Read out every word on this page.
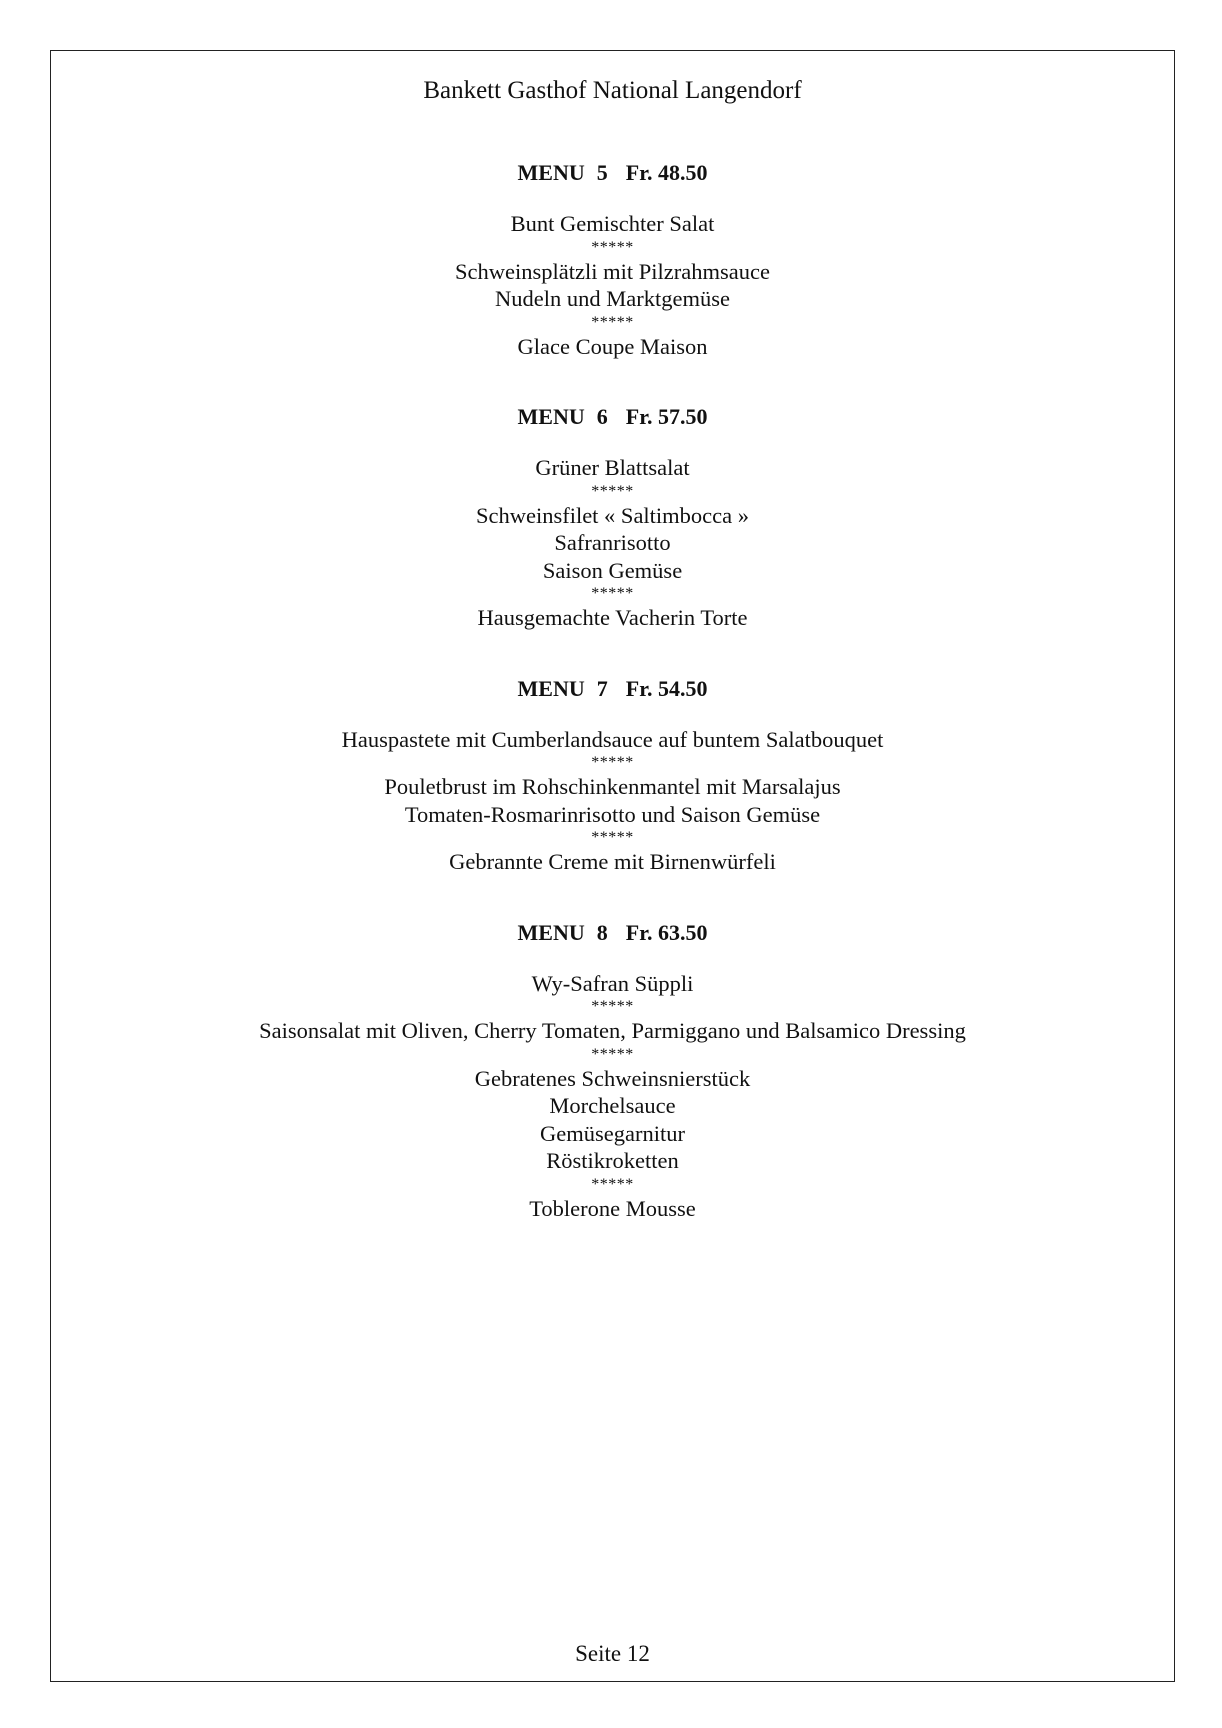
Bankett Gasthof National Langendorf
MENU 5 Fr. 48.50
Bunt Gemischter Salat
*****
Schweinsplätzli mit Pilzrahmsauce
Nudeln und Marktgemüse
*****
Glace Coupe Maison
MENU 6 Fr. 57.50
Grüner Blattsalat
*****
Schweinsfilet « Saltimbocca »
Safranrisotto
Saison Gemüse
*****
Hausgemachte Vacherin Torte
MENU 7 Fr. 54.50
Hauspastete mit Cumberlandsauce auf buntem Salatbouquet
*****
Pouletbrust im Rohschinkenmantel mit Marsalajus
Tomaten-Rosmarinrisotto und Saison Gemüse
*****
Gebrannte Creme mit Birnenwürfeli
MENU 8 Fr. 63.50
Wy-Safran Süppli
*****
Saisonsalat mit Oliven, Cherry Tomaten, Parmiggano und Balsamico Dressing
*****
Gebratenes Schweinsnierstück
Morchelsauce
Gemüsegarnitur
Röstikroketten
*****
Toblerone Mousse
Seite 12
